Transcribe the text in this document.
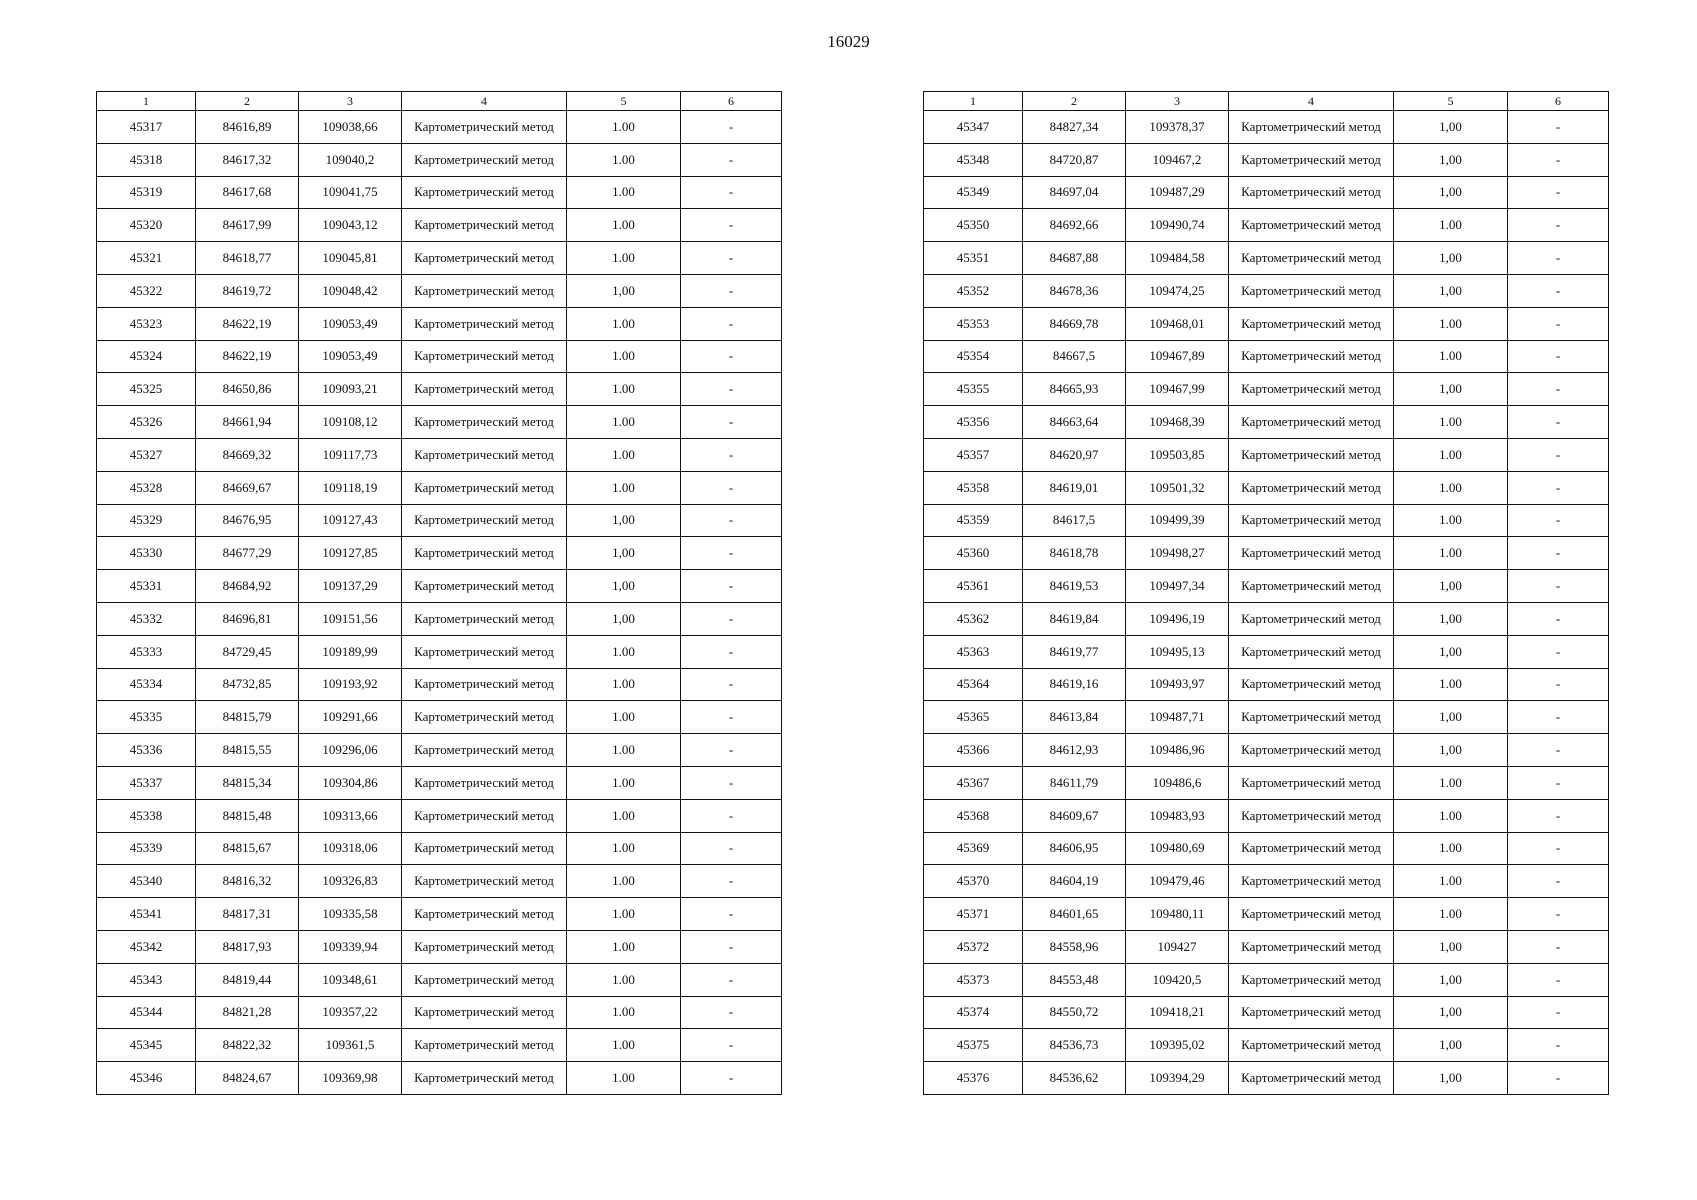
16029
1	2	3	4	5	6
45317	84616,89	109038,66	Картометрический метод	1.00	-
45318	84617,32	109040,2	Картометрический метод	1.00	-
45319	84617,68	109041,75	Картометрический метод	1.00	-
45320	84617,99	109043,12	Картометрический метод	1.00	-
45321	84618,77	109045,81	Картометрический метод	1.00	-
45322	84619,72	109048,42	Картометрический метод	1,00	-
45323	84622,19	109053,49	Картометрический метод	1.00	-
45324	84622,19	109053,49	Картометрический метод	1.00	-
45325	84650,86	109093,21	Картометрический метод	1.00	-
45326	84661,94	109108,12	Картометрический метод	1.00	-
45327	84669,32	109117,73	Картометрический метод	1.00	-
45328	84669,67	109118,19	Картометрический метод	1.00	-
45329	84676,95	109127,43	Картометрический метод	1,00	-
45330	84677,29	109127,85	Картометрический метод	1,00	-
45331	84684,92	109137,29	Картометрический метод	1,00	-
45332	84696,81	109151,56	Картометрический метод	1,00	-
45333	84729,45	109189,99	Картометрический метод	1.00	-
45334	84732,85	109193,92	Картометрический метод	1.00	-
45335	84815,79	109291,66	Картометрический метод	1.00	-
45336	84815,55	109296,06	Картометрический метод	1.00	-
45337	84815,34	109304,86	Картометрический метод	1.00	-
45338	84815,48	109313,66	Картометрический метод	1.00	-
45339	84815,67	109318,06	Картометрический метод	1.00	-
45340	84816,32	109326,83	Картометрический метод	1.00	-
45341	84817,31	109335,58	Картометрический метод	1.00	-
45342	84817,93	109339,94	Картометрический метод	1.00	-
45343	84819,44	109348,61	Картометрический метод	1.00	-
45344	84821,28	109357,22	Картометрический метод	1.00	-
45345	84822,32	109361,5	Картометрический метод	1.00	-
45346	84824,67	109369,98	Картометрический метод	1.00	-
1	2	3	4	5	6
45347	84827,34	109378,37	Картометрический метод	1,00	-
45348	84720,87	109467,2	Картометрический метод	1,00	-
45349	84697,04	109487,29	Картометрический метод	1,00	-
45350	84692,66	109490,74	Картометрический метод	1.00	-
45351	84687,88	109484,58	Картометрический метод	1,00	-
45352	84678,36	109474,25	Картометрический метод	1,00	-
45353	84669,78	109468,01	Картометрический метод	1.00	-
45354	84667,5	109467,89	Картометрический метод	1.00	-
45355	84665,93	109467,99	Картометрический метод	1,00	-
45356	84663,64	109468,39	Картометрический метод	1.00	-
45357	84620,97	109503,85	Картометрический метод	1.00	-
45358	84619,01	109501,32	Картометрический метод	1.00	-
45359	84617,5	109499,39	Картометрический метод	1.00	-
45360	84618,78	109498,27	Картометрический метод	1.00	-
45361	84619,53	109497,34	Картометрический метод	1,00	-
45362	84619,84	109496,19	Картометрический метод	1,00	-
45363	84619,77	109495,13	Картометрический метод	1,00	-
45364	84619,16	109493,97	Картометрический метод	1.00	-
45365	84613,84	109487,71	Картометрический метод	1,00	-
45366	84612,93	109486,96	Картометрический метод	1,00	-
45367	84611,79	109486,6	Картометрический метод	1.00	-
45368	84609,67	109483,93	Картометрический метод	1.00	-
45369	84606,95	109480,69	Картометрический метод	1.00	-
45370	84604,19	109479,46	Картометрический метод	1.00	-
45371	84601,65	109480,11	Картометрический метод	1.00	-
45372	84558,96	109427	Картометрический метод	1,00	-
45373	84553,48	109420,5	Картометрический метод	1,00	-
45374	84550,72	109418,21	Картометрический метод	1,00	-
45375	84536,73	109395,02	Картометрический метод	1,00	-
45376	84536,62	109394,29	Картометрический метод	1,00	-
